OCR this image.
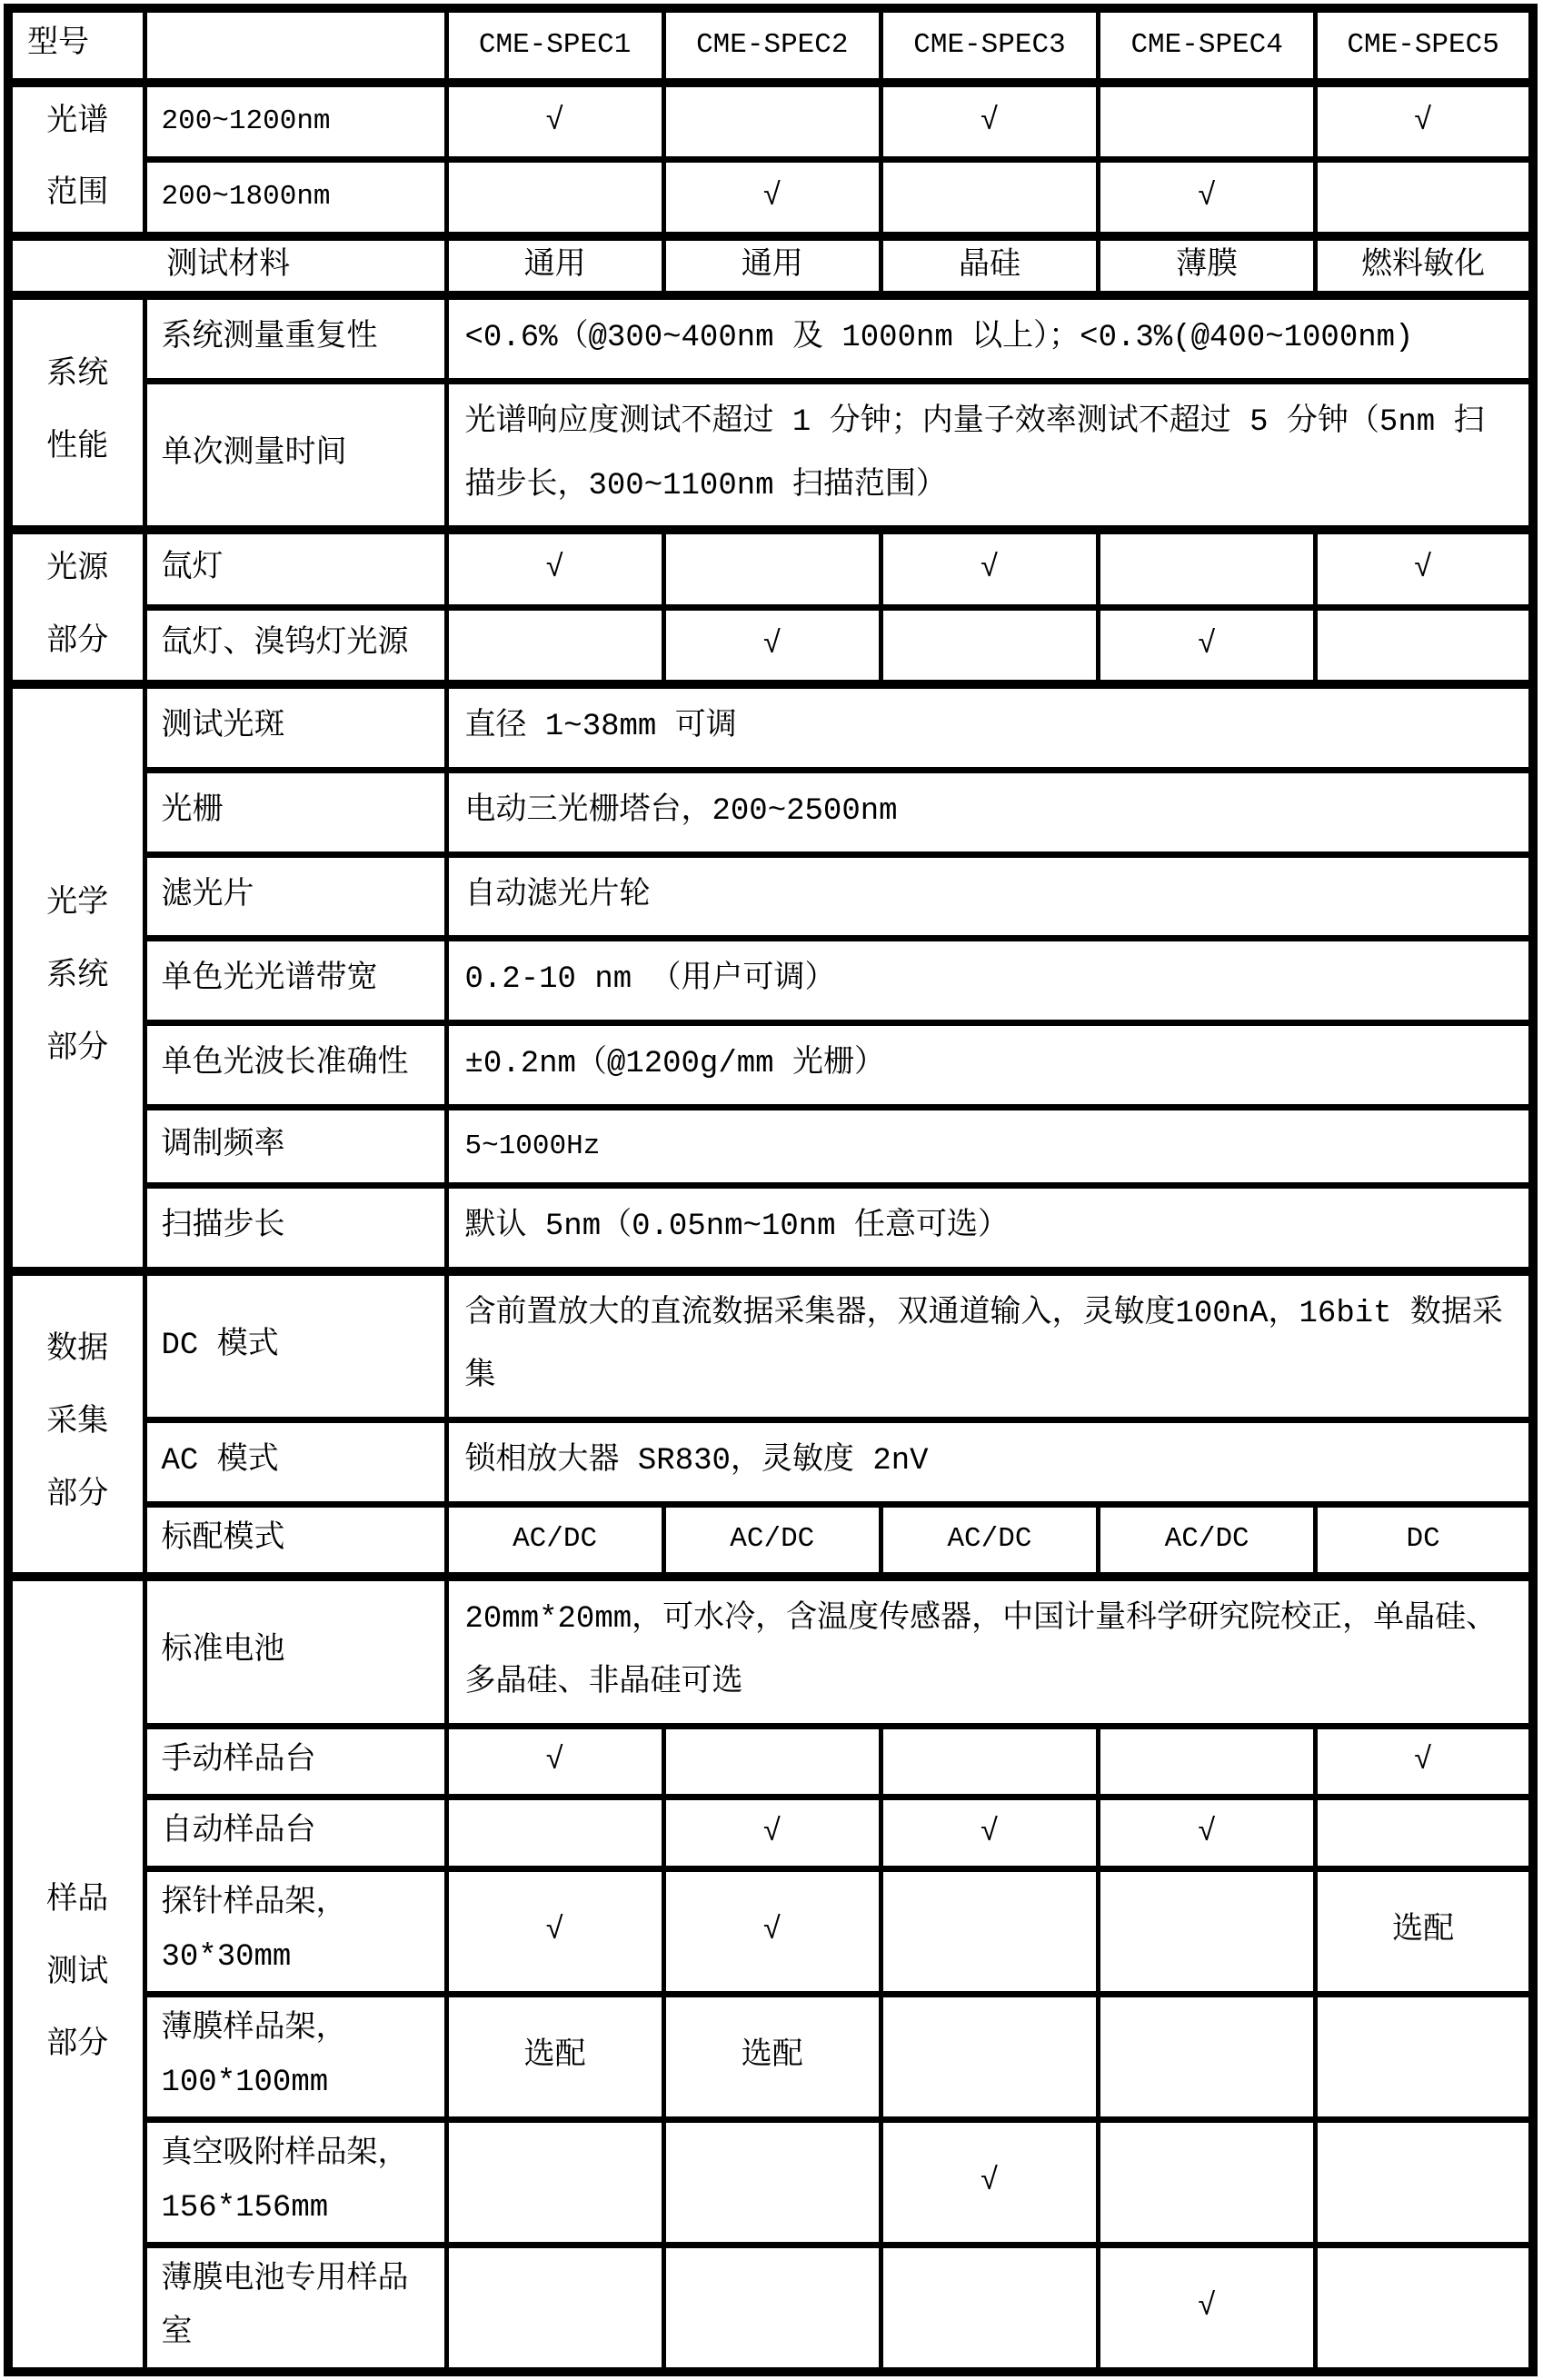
型号		CME-SPEC1	CME-SPEC2	CME-SPEC3	CME-SPEC4	CME-SPEC5
光谱范围	200~1200nm	√		√		√
	200~1800nm		√		√	
测试材料		通用	通用	晶硅	薄膜	燃料敏化
系统性能	系统测量重复性	<0.6%（@300~400nm 及 1000nm 以上）；<0.3%(@400~1000nm)				
	单次测量时间	光谱响应度测试不超过 1 分钟；内量子效率测试不超过 5 分钟（5nm 扫描步长，300~1100nm 扫描范围）				
光源部分	氙灯	√		√		√
	氙灯、溴钨灯光源		√		√	
光学系统部分	测试光斑	直径 1~38mm 可调				
	光栅	电动三光栅塔台，200~2500nm				
	滤光片	自动滤光片轮				
	单色光光谱带宽	0.2-10 nm （用户可调）				
	单色光波长准确性	±0.2nm（@1200g/mm 光栅）				
	调制频率	5~1000Hz				
	扫描步长	默认 5nm（0.05nm~10nm 任意可选）				
数据采集部分	DC 模式	含前置放大的直流数据采集器，双通道输入，灵敏度100nA，16bit 数据采集				
	AC 模式	锁相放大器 SR830，灵敏度 2nV				
	标配模式	AC/DC	AC/DC	AC/DC	AC/DC	DC
样品测试部分	标准电池	20mm*20mm，可水冷，含温度传感器，中国计量科学研究院校正，单晶硅、多晶硅、非晶硅可选				
	手动样品台	√				√
	自动样品台		√	√	√	
	探针样品架，30*30mm	√	√			选配
	薄膜样品架，100*100mm	选配	选配			
	真空吸附样品架，156*156mm			√		
	薄膜电池专用样品室				√	
